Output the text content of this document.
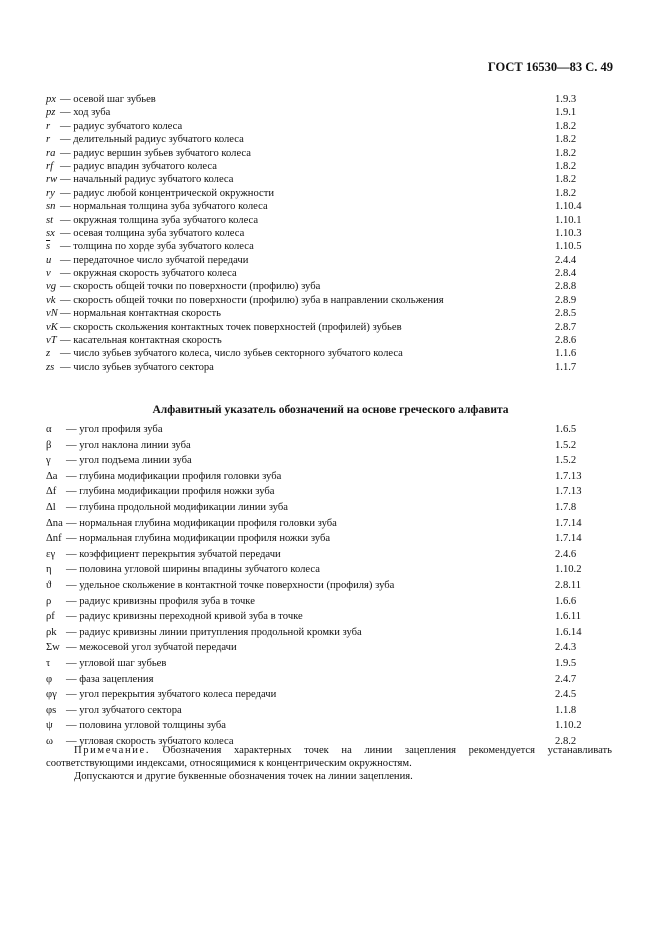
ГОСТ 16530—83 С. 49
px — осевой шаг зубьев	1.9.3
pz — ход зуба	1.9.1
r — радиус зубчатого колеса	1.8.2
r — делительный радиус зубчатого колеса	1.8.2
ra — радиус вершин зубьев зубчатого колеса	1.8.2
rf — радиус впадин зубчатого колеса	1.8.2
rw — начальный радиус зубчатого колеса	1.8.2
ry — радиус любой концентрической окружности	1.8.2
sn — нормальная толщина зуба зубчатого колеса	1.10.4
st — окружная толщина зуба зубчатого колеса	1.10.1
sx — осевая толщина зуба зубчатого колеса	1.10.3
$\overline{s}$ — толщина по хорде зуба зубчатого колеса	1.10.5
u — передаточное число зубчатой передачи	2.4.4
v — окружная скорость зубчатого колеса	2.8.4
vg — скорость общей точки по поверхности (профилю) зуба	2.8.8
vk — скорость общей точки по поверхности (профилю) зуба в направлении скольжения	2.8.9
vN — нормальная контактная скорость	2.8.5
vK — скорость скольжения контактных точек поверхностей (профилей) зубьев	2.8.7
vT — касательная контактная скорость	2.8.6
z — число зубьев зубчатого колеса, число зубьев секторного зубчатого колеса	1.1.6
zs — число зубьев зубчатого сектора	1.1.7
Алфавитный указатель обозначений на основе греческого алфавита
α — угол профиля зуба	1.6.5
β — угол наклона линии зуба	1.5.2
γ — угол подъема линии зуба	1.5.2
Δa — глубина модификации профиля головки зуба	1.7.13
Δf — глубина модификации профиля ножки зуба	1.7.13
Δl — глубина продольной модификации линии зуба	1.7.8
Δna — нормальная глубина модификации профиля головки зуба	1.7.14
Δnf — нормальная глубина модификации профиля ножки зуба	1.7.14
εγ — коэффициент перекрытия зубчатой передачи	2.4.6
η — половина угловой ширины впадины зубчатого колеса	1.10.2
ϑ — удельное скольжение в контактной точке поверхности (профиля) зуба	2.8.11
ρ — радиус кривизны профиля зуба в точке	1.6.6
ρf — радиус кривизны переходной кривой зуба в точке	1.6.11
ρk — радиус кривизны линии притупления продольной кромки зуба	1.6.14
Σw — межосевой угол зубчатой передачи	2.4.3
τ — угловой шаг зубьев	1.9.5
φ — фаза зацепления	2.4.7
φγ — угол перекрытия зубчатого колеса передачи	2.4.5
φs — угол зубчатого сектора	1.1.8
ψ — половина угловой толщины зуба	1.10.2
ω — угловая скорость зубчатого колеса	2.8.2

Примечание. Обозначения характерных точек на линии зацепления рекомендуется устанавливать соответствующими индексами, относящимися к концентрическим окружностям.

Допускаются и другие буквенные обозначения точек на линии зацепления.
